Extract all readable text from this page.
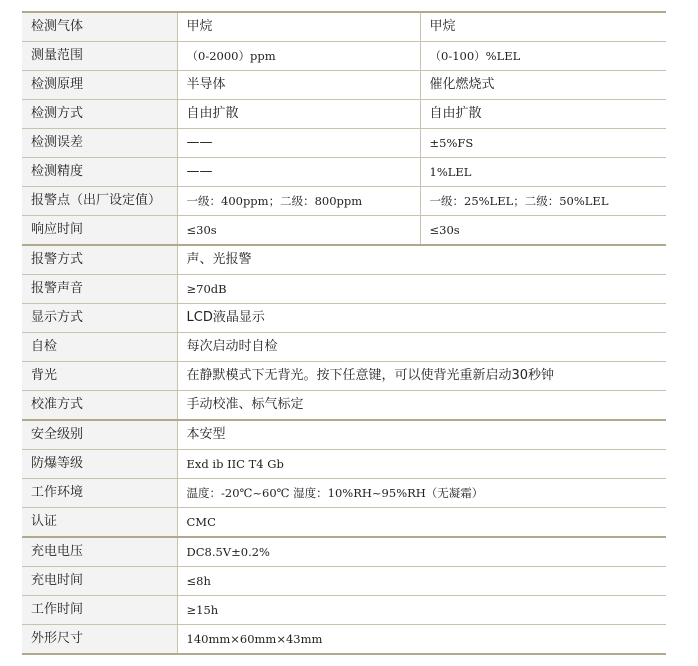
检测气体	甲烷	甲烷
测量范围	（0-2000）ppm	（0-100）%LEL
检测原理	半导体	催化燃烧式
检测方式	自由扩散	自由扩散
检测误差	——	±5%FS
检测精度	——	1%LEL
报警点（出厂设定值）	一级：400ppm；二级：800ppm	一级：25%LEL；二级：50%LEL
响应时间	≤30s	≤30s
报警方式	声、光报警	
报警声音	≥70dB	
显示方式	LCD液晶显示	
自检	每次启动时自检	
背光	在静默模式下无背光。按下任意键，可以使背光重新启动30秒钟	
校准方式	手动校准、标气标定	
安全级别	本安型	
防爆等级	Exd ib IIC T4 Gb	
工作环境	温度：-20℃~60℃ 湿度：10%RH~95%RH（无凝霜）	
认证	CMC	
充电电压	DC8.5V±0.2%	
充电时间	≤8h	
工作时间	≥15h	
外形尺寸	140mm×60mm×43mm	
